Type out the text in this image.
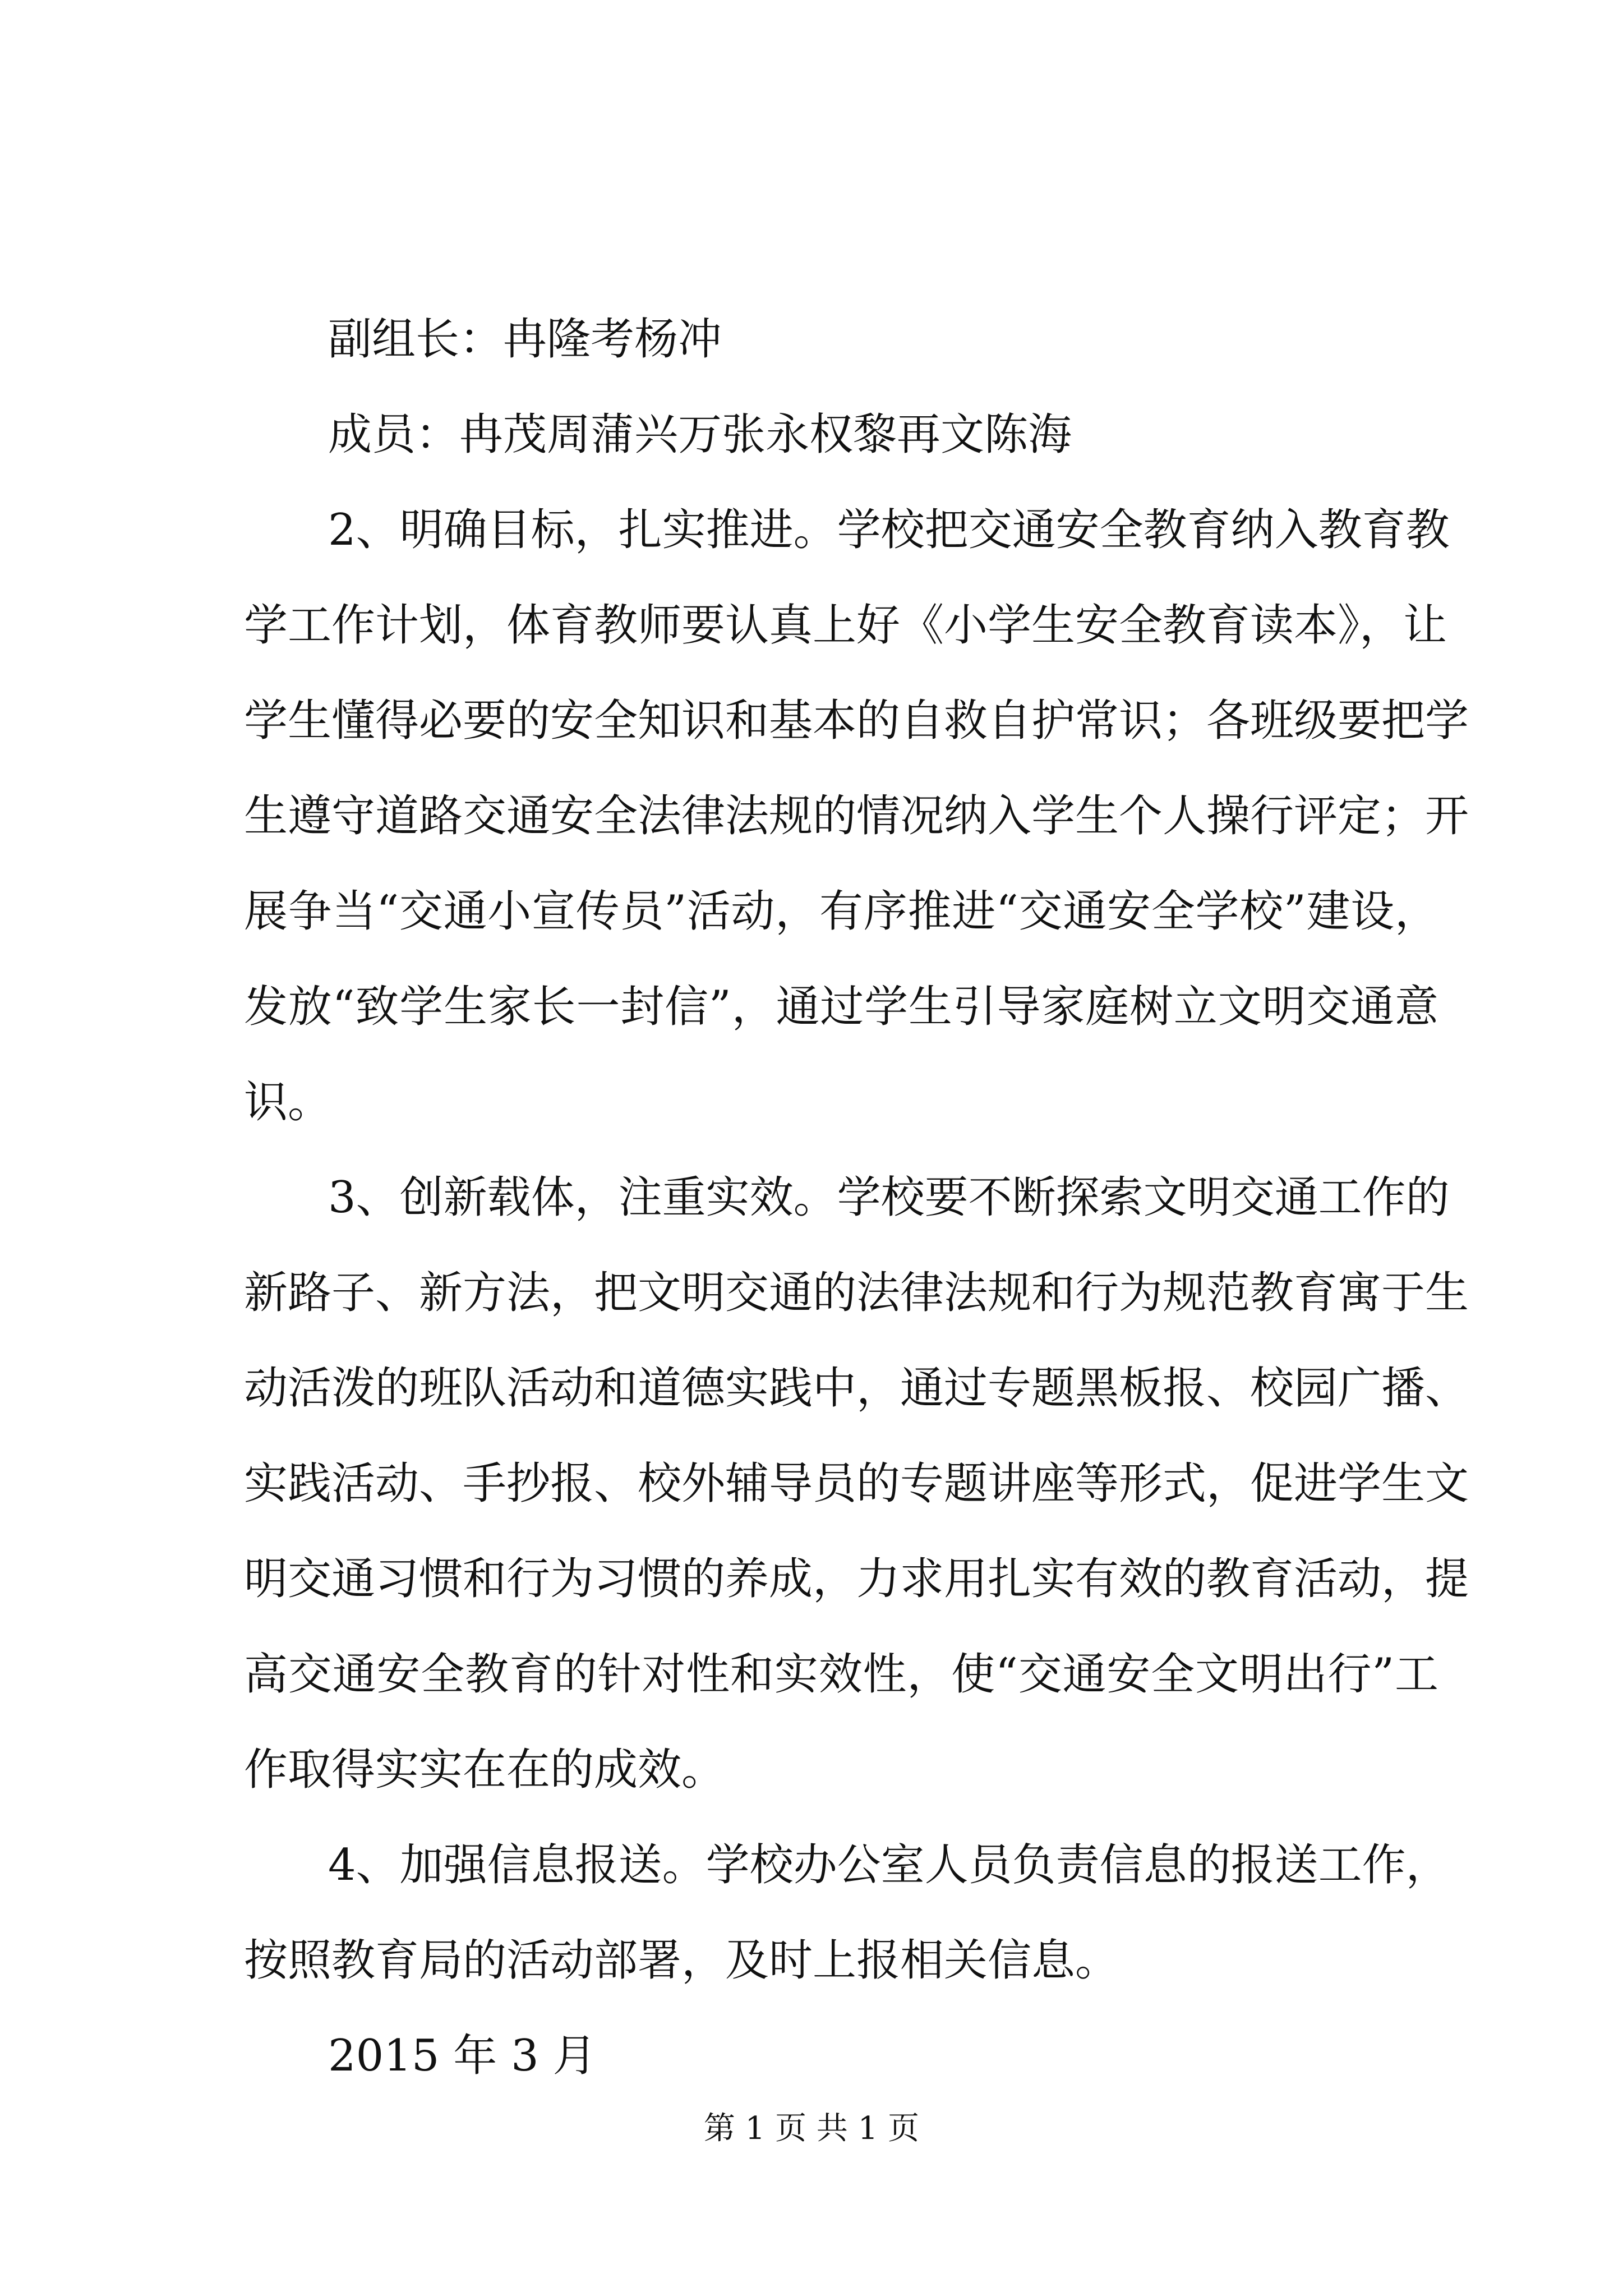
副组长：冉隆考杨冲

成员：冉茂周蒲兴万张永权黎再文陈海

2、明确目标，扎实推进。学校把交通安全教育纳入教育教

学工作计划，体育教师要认真上好《小学生安全教育读本》，让

学生懂得必要的安全知识和基本的自救自护常识；各班级要把学

生遵守道路交通安全法律法规的情况纳入学生个人操行评定；开

展争当“交通小宣传员”活动，有序推进“交通安全学校”建设，

发放“致学生家长一封信”，通过学生引导家庭树立文明交通意

识。

3、创新载体，注重实效。学校要不断探索文明交通工作的

新路子、新方法，把文明交通的法律法规和行为规范教育寓于生

动活泼的班队活动和道德实践中，通过专题黑板报、校园广播、

实践活动、手抄报、校外辅导员的专题讲座等形式，促进学生文

明交通习惯和行为习惯的养成，力求用扎实有效的教育活动，提

高交通安全教育的针对性和实效性，使“交通安全文明出行”工

作取得实实在在的成效。

4、加强信息报送。学校办公室人员负责信息的报送工作，

按照教育局的活动部署，及时上报相关信息。

2015 年 3 月

第 1 页 共 1 页
